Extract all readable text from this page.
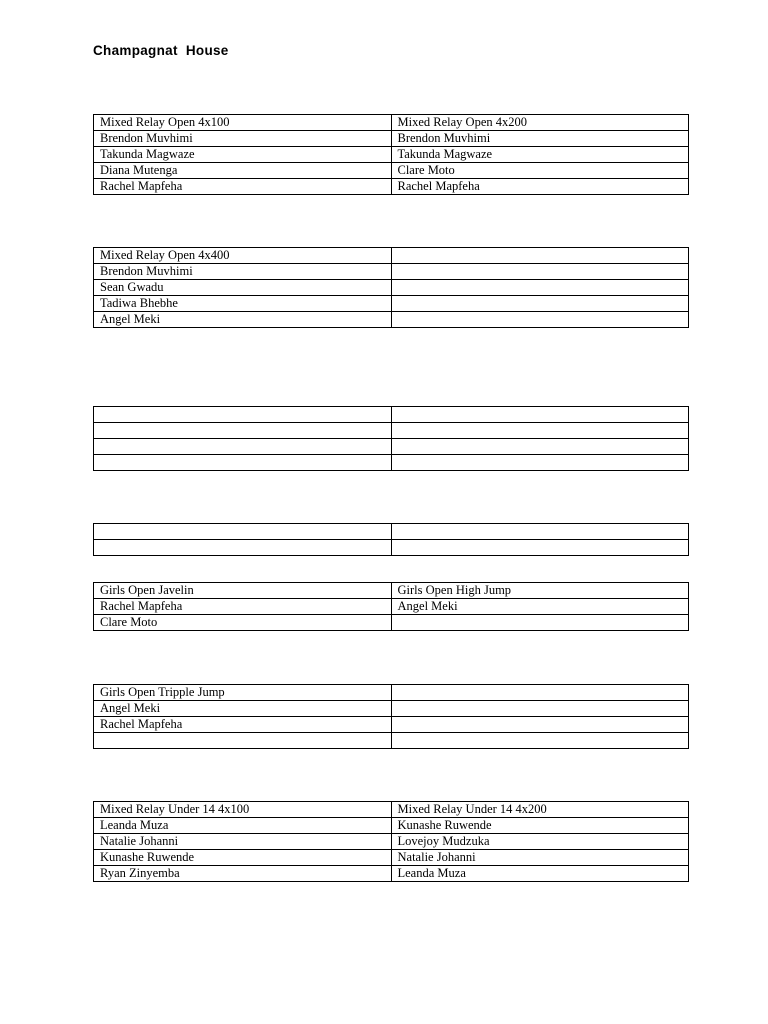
Champagnat  House
Mixed Relay Open 4x100	Mixed Relay Open 4x200
Brendon Muvhimi	Brendon Muvhimi
Takunda Magwaze	Takunda Magwaze
Diana Mutenga	Clare Moto
Rachel Mapfeha	Rachel Mapfeha
Mixed Relay Open 4x400	
Brendon Muvhimi	
Sean Gwadu	
Tadiwa Bhebhe	
Angel Meki	

Girls Open Javelin	Girls Open High Jump
Rachel Mapfeha	Angel Meki
Clare Moto	
Girls Open Tripple Jump	
Angel Meki	
Rachel Mapfeha	

Mixed Relay Under 14 4x100	Mixed Relay Under 14 4x200
Leanda Muza	Kunashe Ruwende
Natalie Johanni	Lovejoy Mudzuka
Kunashe Ruwende	Natalie Johanni
Ryan Zinyemba	Leanda Muza
